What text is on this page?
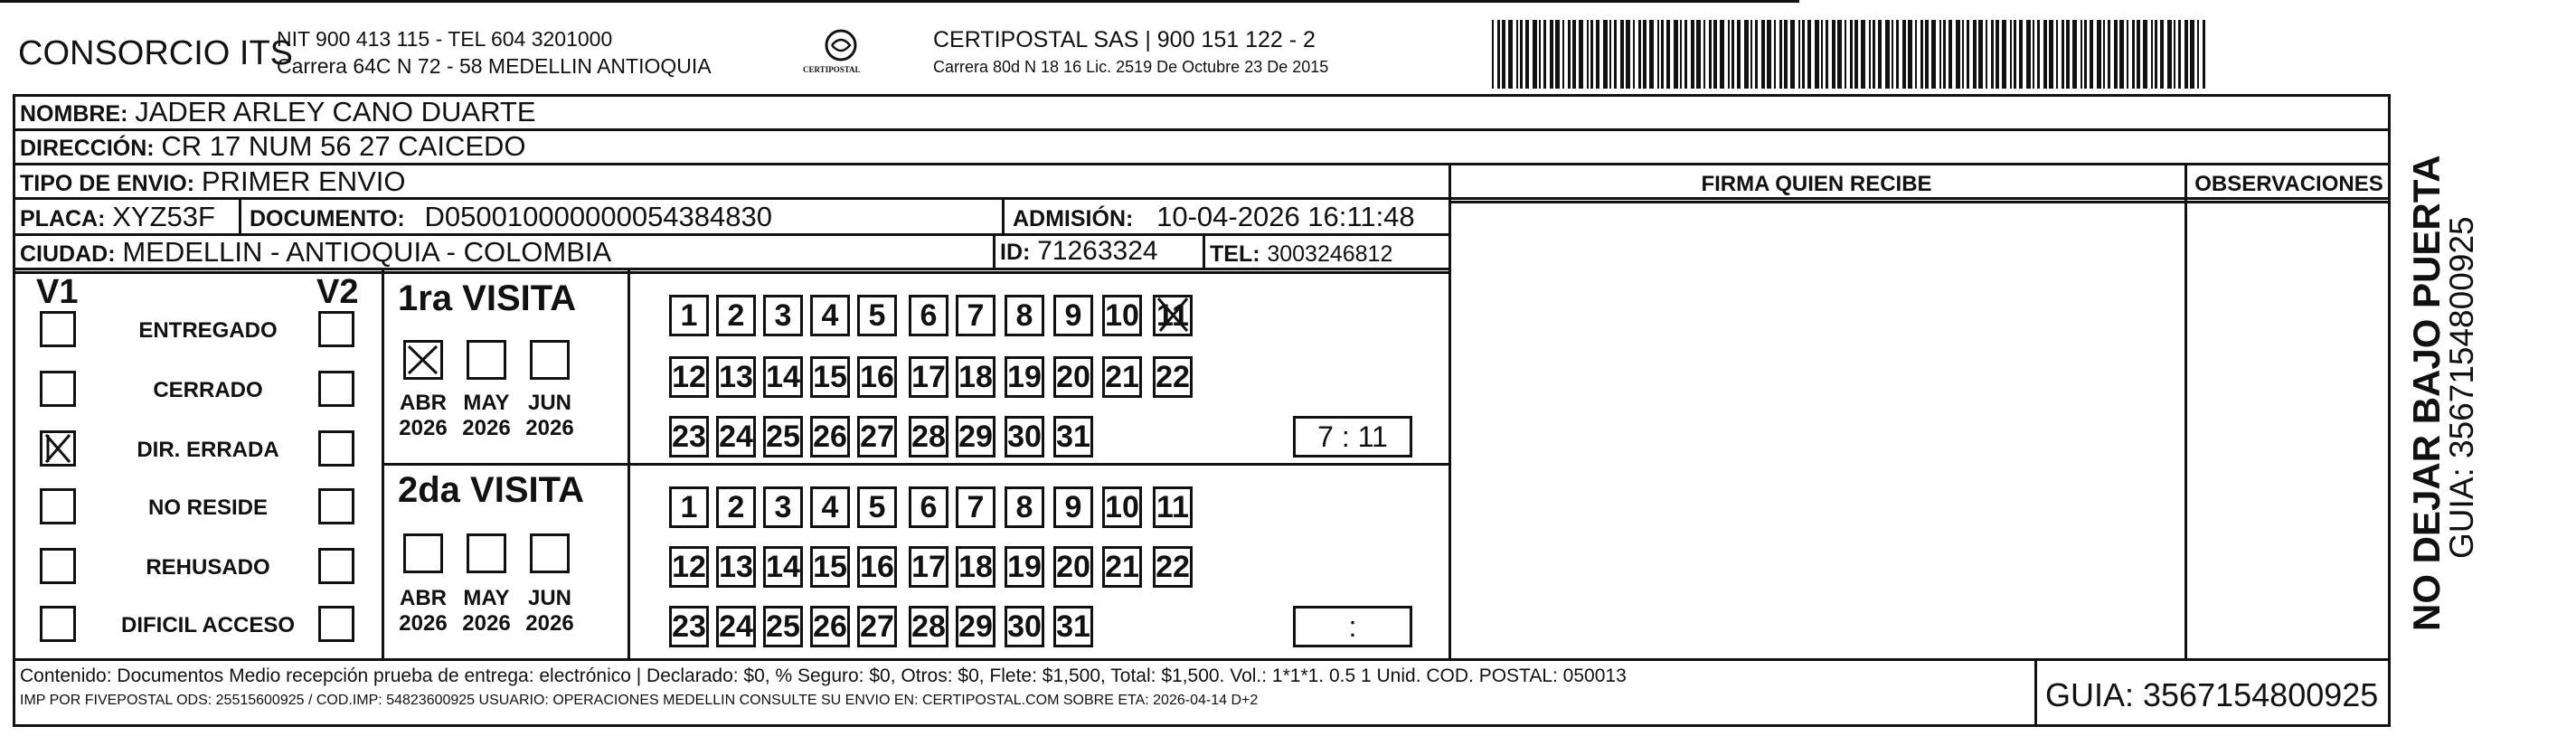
CONSORCIO ITS
NIT 900 413 115 - TEL 604 3201000
Carrera 64C N 72 - 58 MEDELLIN ANTIOQUIA	CERTIPOSTAL
CERTIPOSTAL SAS | 900 151 122 - 2
Carrera 80d N 18 16 Lic. 2519 De Octubre 23 De 2015
NOMBRE: JADER ARLEY CANO DUARTE
DIRECCIÓN: CR 17 NUM 56 27 CAICEDO
TIPO DE ENVIO: PRIMER ENVIO
PLACA: XYZ53F DOCUMENTO: D050010000000054384830	ADMISIÓN: 10-04-2026 16:11:48
CIUDAD: MEDELLIN - ANTIOQUIA - COLOMBIA	ID: 71263324 TEL: 3003246812
FIRMA QUIEN RECIBE	OBSERVACIONES
V1	V2
ENTREGADO
CERRADO
DIR. ERRADA
NO RESIDE
REHUSADO
DIFICIL ACCESO
1ra VISITA
2da VISITA
ABR
2026
MAY
2026
JUN
2026
1 2 3 4 5	6 7	8	9 10 11
12 13 14 15 16 17 18 19 20 21 22
23 24 25 26 27 28 29 30 31	7 : 11
ABR
2026
MAY
2026
JUN
2026
1 2 3 4 5	6 7	8	9 10 11
12 13 14 15 16 17 18 19 20 21 22
23 24 25 26 27 28 29 30 31	:
Contenido: Documentos Medio recepción prueba de entrega: electrónico | Declarado: $0, % Seguro: $0, Otros: $0, Flete: $1,500, Total: $1,500. Vol.: 1*1*1. 0.5 1 Unid. COD. POSTAL: 050013
IMP POR FIVEPOSTAL ODS: 25515600925 / COD.IMP: 54823600925 USUARIO: OPERACIONES MEDELLIN CONSULTE SU ENVIO EN: CERTIPOSTAL.COM SOBRE ETA: 2026-04-14 D+2	GUIA: 3567154800925
NO DEJAR BAJO PUERTA
GUIA: 3567154800925
